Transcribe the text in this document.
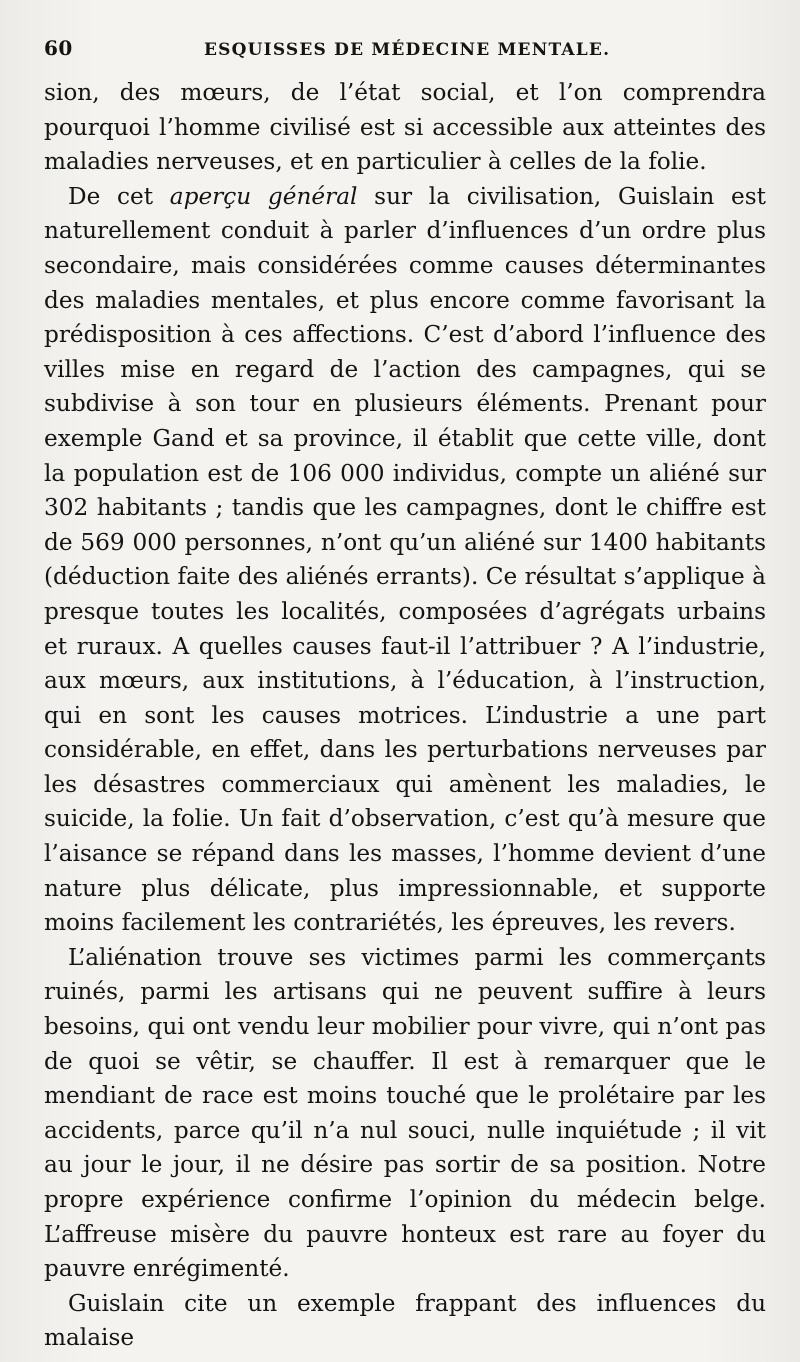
60	ESQUISSES DE MÉDECINE MENTALE.

sion, des mœurs, de l’état social, et l’on comprendra pourquoi l’homme civilisé est si accessible aux atteintes des maladies nerveuses, et en particulier à celles de la folie.

De cet aperçu général sur la civilisation, Guislain est naturellement conduit à parler d’influences d’un ordre plus secondaire, mais considérées comme causes déterminantes des maladies mentales, et plus encore comme favorisant la prédisposition à ces affections. C’est d’abord l’influence des villes mise en regard de l’action des campagnes, qui se subdivise à son tour en plusieurs éléments. Prenant pour exemple Gand et sa province, il établit que cette ville, dont la population est de 106 000 individus, compte un aliéné sur 302 habitants ; tandis que les campagnes, dont le chiffre est de 569 000 personnes, n’ont qu’un aliéné sur 1400 habitants (déduction faite des aliénés errants). Ce résultat s’applique à presque toutes les localités, composées d’agrégats urbains et ruraux. A quelles causes faut-il l’attribuer ? A l’industrie, aux mœurs, aux institutions, à l’éducation, à l’instruction, qui en sont les causes motrices. L’industrie a une part considérable, en effet, dans les perturbations nerveuses par les désastres commerciaux qui amènent les maladies, le suicide, la folie. Un fait d’observation, c’est qu’à mesure que l’aisance se répand dans les masses, l’homme devient d’une nature plus délicate, plus impressionnable, et supporte moins facilement les contrariétés, les épreuves, les revers.

L’aliénation trouve ses victimes parmi les commerçants ruinés, parmi les artisans qui ne peuvent suffire à leurs besoins, qui ont vendu leur mobilier pour vivre, qui n’ont pas de quoi se vêtir, se chauffer. Il est à remarquer que le mendiant de race est moins touché que le prolétaire par les accidents, parce qu’il n’a nul souci, nulle inquiétude ; il vit au jour le jour, il ne désire pas sortir de sa position. Notre propre expérience confirme l’opinion du médecin belge. L’affreuse misère du pauvre honteux est rare au foyer du pauvre enrégimenté.

Guislain cite un exemple frappant des influences du malaise
